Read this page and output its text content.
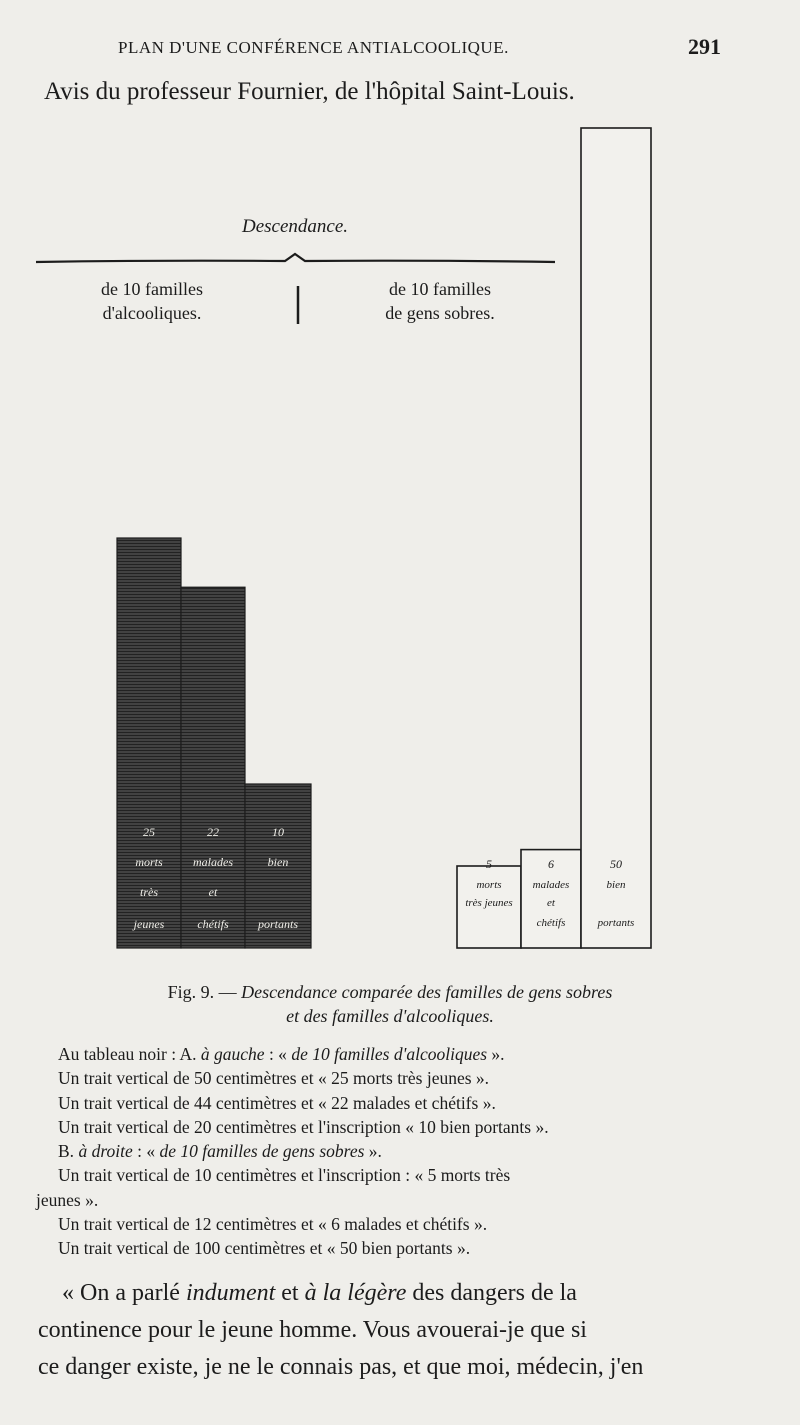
PLAN D'UNE CONFÉRENCE ANTIALCOOLIQUE.	291
Avis du professeur Fournier, de l'hôpital Saint-Louis.
Descendance.
de 10 familles
d'alcooliques.
de 10 familles
de gens sobres.
25
morts
très
jeunes
22
malades
et
chétifs
10
bien
portants
5
morts
très jeunes
6
malades
et
chétifs
50
bien
portants
Fig. 9. — Descendance comparée des familles de gens sobres
et des familles d'alcooliques.
Au tableau noir : A. à gauche : « de 10 familles d'alcooliques ».
Un trait vertical de 50 centimètres et « 25 morts très jeunes ».
Un trait vertical de 44 centimètres et « 22 malades et chétifs ».
Un trait vertical de 20 centimètres et l'inscription « 10 bien portants ».
B. à droite : « de 10 familles de gens sobres ».
Un trait vertical de 10 centimètres et l'inscription : « 5 morts très
jeunes ».
Un trait vertical de 12 centimètres et « 6 malades et chétifs ».
Un trait vertical de 100 centimètres et « 50 bien portants ».
« On a parlé indument et à la légère des dangers de la
continence pour le jeune homme. Vous avouerai-je que si
ce danger existe, je ne le connais pas, et que moi, médecin, j'en
